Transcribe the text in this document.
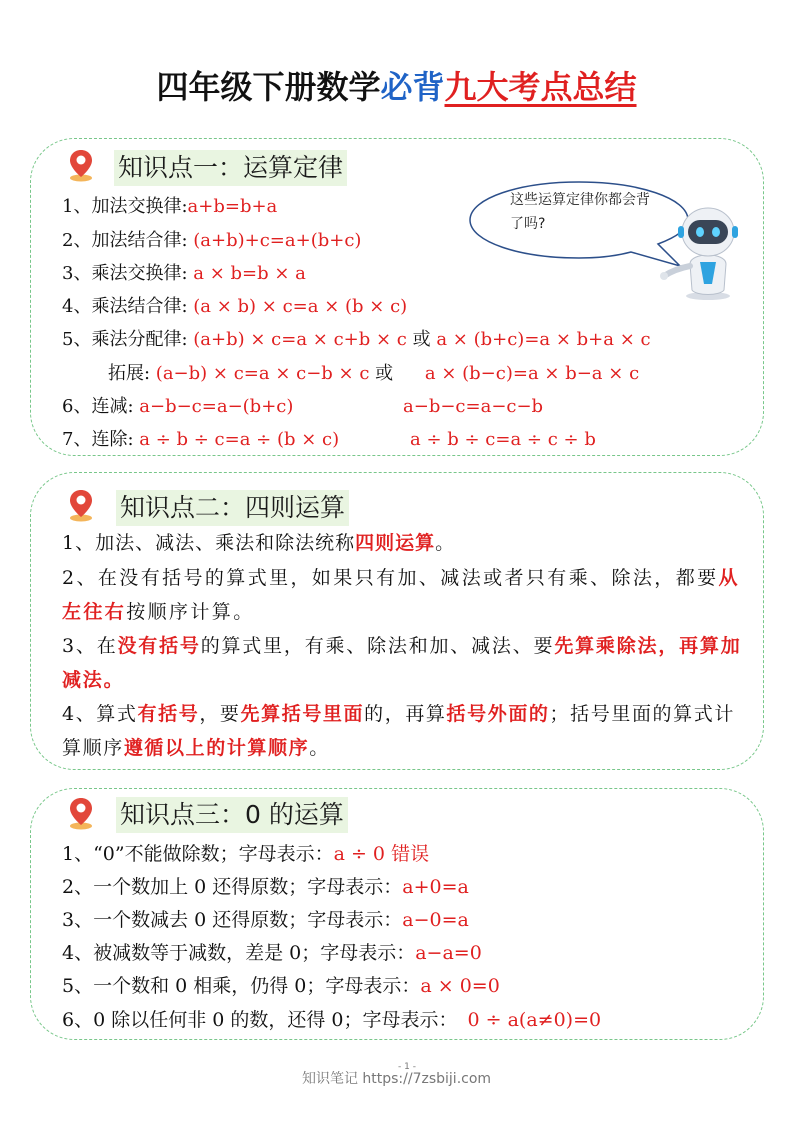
四年级下册数学必背九大考点总结
知识点一：运算定律
这些运算定律你都会背了吗?
1、加法交换律:a+b=b+a
2、加法结合律: (a+b)+c=a+(b+c)
3、乘法交换律: a × b=b × a
4、乘法结合律: (a × b) × c=a × (b × c)
5、乘法分配律: (a+b) × c=a × c+b × c 或 a × (b+c)=a × b+a × c
拓展: (a−b) × c=a × c−b × c 或 a × (b−c)=a × b−a × c
6、连减: a−b−c=a−(b+c)	a−b−c=a−c−b
7、连除: a ÷ b ÷ c=a ÷ (b × c)	a ÷ b ÷ c=a ÷ c ÷ b
知识点二：四则运算
1、加法、减法、乘法和除法统称四则运算。
2、在没有括号的算式里，如果只有加、减法或者只有乘、除法，都要从左往右按顺序计算。
3、在没有括号的算式里，有乘、除法和加、减法、要先算乘除法，再算加减法。
4、算式有括号，要先算括号里面的，再算括号外面的；括号里面的算式计算顺序遵循以上的计算顺序。
知识点三：0 的运算
1、“0”不能做除数；字母表示：a ÷ 0 错误
2、一个数加上 0 还得原数；字母表示：a+0=a
3、一个数减去 0 还得原数；字母表示：a−0=a
4、被减数等于减数，差是 0；字母表示：a−a=0
5、一个数和 0 相乘，仍得 0；字母表示：a × 0=0
6、0 除以任何非 0 的数，还得 0；字母表示： 0 ÷ a(a≠0)=0
- 1 -
知识笔记 https://7zsbiji.com
